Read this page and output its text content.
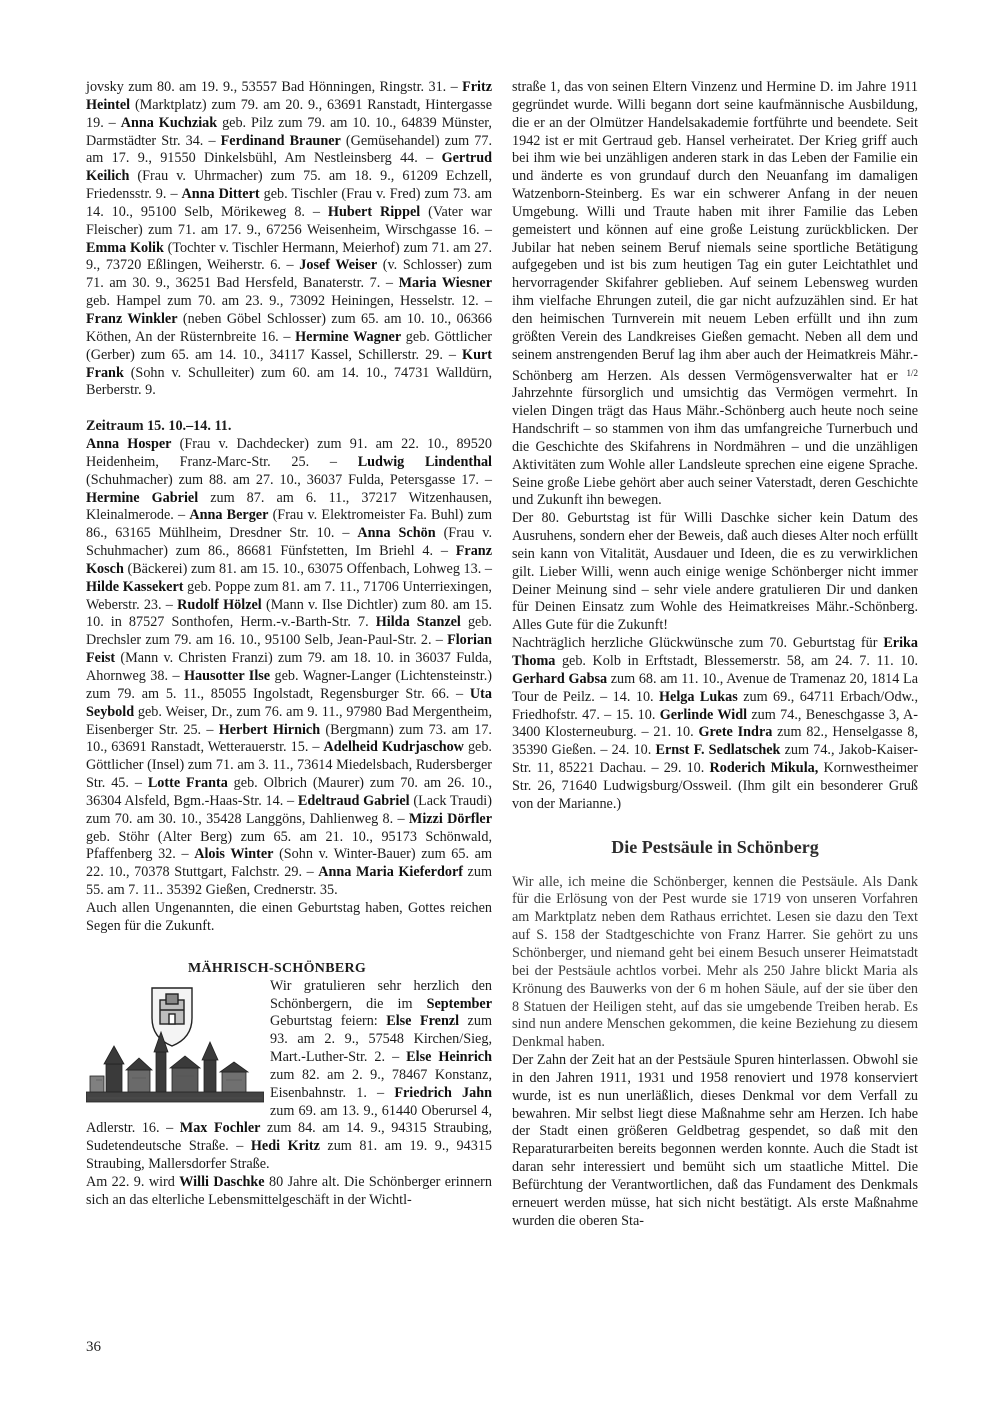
jovsky zum 80. am 19. 9., 53557 Bad Hönningen, Ringstr. 31. – Fritz Heintel (Marktplatz) zum 79. am 20. 9., 63691 Ranstadt, Hintergasse 19. – Anna Kuchziak geb. Pilz zum 79. am 10. 10., 64839 Münster, Darmstädter Str. 34. – Ferdinand Brauner (Gemüsehandel) zum 77. am 17. 9., 91550 Dinkelsbühl, Am Nestleinsberg 44. – Gertrud Keilich (Frau v. Uhrmacher) zum 75. am 18. 9., 61209 Echzell, Friedensstr. 9. – Anna Dittert geb. Tischler (Frau v. Fred) zum 73. am 14. 10., 95100 Selb, Mörikeweg 8. – Hubert Rippel (Vater war Fleischer) zum 71. am 17. 9., 67256 Weisenheim, Wirschgasse 16. – Emma Kolik (Tochter v. Tischler Hermann, Meierhof) zum 71. am 27. 9., 73720 Eßlingen, Weiherstr. 6. – Josef Weiser (v. Schlosser) zum 71. am 30. 9., 36251 Bad Hersfeld, Banaterstr. 7. – Maria Wiesner geb. Hampel zum 70. am 23. 9., 73092 Heiningen, Hesselstr. 12. – Franz Winkler (neben Göbel Schlosser) zum 65. am 10. 10., 06366 Köthen, An der Rüsternbreite 16. – Hermine Wagner geb. Göttlicher (Gerber) zum 65. am 14. 10., 34117 Kassel, Schillerstr. 29. – Kurt Frank (Sohn v. Schulleiter) zum 60. am 14. 10., 74731 Walldürn, Berberstr. 9.

Zeitraum 15. 10.–14. 11.

Anna Hosper (Frau v. Dachdecker) zum 91. am 22. 10., 89520 Heidenheim, Franz-Marc-Str. 25. – Ludwig Lindenthal (Schuhmacher) zum 88. am 27. 10., 36037 Fulda, Petersgasse 17. – Hermine Gabriel zum 87. am 6. 11., 37217 Witzenhausen, Kleinalmerode. – Anna Berger (Frau v. Elektromeister Fa. Buhl) zum 86., 63165 Mühlheim, Dresdner Str. 10. – Anna Schön (Frau v. Schuhmacher) zum 86., 86681 Fünfstetten, Im Briehl 4. – Franz Kosch (Bäckerei) zum 81. am 15. 10., 63075 Offenbach, Lohweg 13. – Hilde Kassekert geb. Poppe zum 81. am 7. 11., 71706 Unterriexingen, Weberstr. 23. – Rudolf Hölzel (Mann v. Ilse Dichtler) zum 80. am 15. 10. in 87527 Sonthofen, Herm.-v.-Barth-Str. 7. Hilda Stanzel geb. Drechsler zum 79. am 16. 10., 95100 Selb, Jean-Paul-Str. 2. – Florian Feist (Mann v. Christen Franzi) zum 79. am 18. 10. in 36037 Fulda, Ahornweg 38. – Hausotter Ilse geb. Wagner-Langer (Lichtensteinstr.) zum 79. am 5. 11., 85055 Ingolstadt, Regensburger Str. 66. – Uta Seybold geb. Weiser, Dr., zum 76. am 9. 11., 97980 Bad Mergentheim, Eisenberger Str. 25. – Herbert Hirnich (Bergmann) zum 73. am 17. 10., 63691 Ranstadt, Wetterauerstr. 15. – Adelheid Kudrjaschow geb. Göttlicher (Insel) zum 71. am 3. 11., 73614 Miedelsbach, Rudersberger Str. 45. – Lotte Franta geb. Olbrich (Maurer) zum 70. am 26. 10., 36304 Alsfeld, Bgm.-Haas-Str. 14. – Edeltraud Gabriel (Lack Traudi) zum 70. am 30. 10., 35428 Langgöns, Dahlienweg 8. – Mizzi Dörfler geb. Stöhr (Alter Berg) zum 65. am 21. 10., 95173 Schönwald, Pfaffenberg 32. – Alois Winter (Sohn v. Winter-Bauer) zum 65. am 22. 10., 70378 Stuttgart, Falchstr. 29. – Anna Maria Kieferdorf zum 55. am 7. 11.. 35392 Gießen, Crednerstr. 35.

Auch allen Ungenannten, die einen Geburtstag haben, Gottes reichen Segen für die Zukunft.

MÄHRISCH-SCHÖNBERG

Wir gratulieren sehr herzlich den Schönbergern, die im September Geburtstag feiern: Else Frenzl zum 93. am 2. 9., 57548 Kirchen/Sieg, Mart.-Luther-Str. 2. – Else Heinrich zum 82. am 2. 9., 78467 Konstanz, Eisenbahnstr. 1. – Friedrich Jahn zum 69. am 13. 9., 61440 Oberursel 4, Adlerstr. 16. – Max Fochler zum 84. am 14. 9., 94315 Straubing, Sudetendeutsche Straße. – Hedi Kritz zum 81. am 19. 9., 94315 Straubing, Mallersdorfer Straße.

Am 22. 9. wird Willi Daschke 80 Jahre alt. Die Schönberger erinnern sich an das elterliche Lebensmittelgeschäft in der Wichtl-

straße 1, das von seinen Eltern Vinzenz und Hermine D. im Jahre 1911 gegründet wurde. Willi begann dort seine kaufmännische Ausbildung, die er an der Olmützer Handelsakademie fortführte und beendete. Seit 1942 ist er mit Gertraud geb. Hansel verheiratet. Der Krieg griff auch bei ihm wie bei unzähligen anderen stark in das Leben der Familie ein und änderte es von grundauf durch den Neuanfang im damaligen Watzenborn-Steinberg. Es war ein schwerer Anfang in der neuen Umgebung. Willi und Traute haben mit ihrer Familie das Leben gemeistert und können auf eine große Leistung zurückblicken. Der Jubilar hat neben seinem Beruf niemals seine sportliche Betätigung aufgegeben und ist bis zum heutigen Tag ein guter Leichtathlet und hervorragender Skifahrer geblieben. Auf seinem Lebensweg wurden ihm vielfache Ehrungen zuteil, die gar nicht aufzuzählen sind. Er hat den heimischen Turnverein mit neuem Leben erfüllt und ihn zum größten Verein des Landkreises Gießen gemacht. Neben all dem und seinem anstrengenden Beruf lag ihm aber auch der Heimatkreis Mähr.-Schönberg am Herzen. Als dessen Vermögensverwalter hat er $^{1/2}$ Jahrzehnte fürsorglich und umsichtig das Vermögen vermehrt. In vielen Dingen trägt das Haus Mähr.-Schönberg auch heute noch seine Handschrift – so stammen von ihm das umfangreiche Turnerbuch und die Geschichte des Skifahrens in Nordmähren – und die unzähligen Aktivitäten zum Wohle aller Landsleute sprechen eine eigene Sprache. Seine große Liebe gehört aber auch seiner Vaterstadt, deren Geschichte und Zukunft ihn bewegen.

Der 80. Geburtstag ist für Willi Daschke sicher kein Datum des Ausruhens, sondern eher der Beweis, daß auch dieses Alter noch erfüllt sein kann von Vitalität, Ausdauer und Ideen, die es zu verwirklichen gilt. Lieber Willi, wenn auch einige wenige Schönberger nicht immer Deiner Meinung sind – sehr viele andere gratulieren Dir und danken für Deinen Einsatz zum Wohle des Heimatkreises Mähr.-Schönberg. Alles Gute für die Zukunft!

Nachträglich herzliche Glückwünsche zum 70. Geburtstag für Erika Thoma geb. Kolb in Erftstadt, Blessemerstr. 58, am 24. 7. 11. 10. Gerhard Gabsa zum 68. am 11. 10., Avenue de Tramenaz 20, 1814 La Tour de Peilz. – 14. 10. Helga Lukas zum 69., 64711 Erbach/Odw., Friedhofstr. 47. – 15. 10. Gerlinde Widl zum 74., Beneschgasse 3, A-3400 Klosterneuburg. – 21. 10. Grete Indra zum 82., Henselgasse 8, 35390 Gießen. – 24. 10. Ernst F. Sedlatschek zum 74., Jakob-Kaiser-Str. 11, 85221 Dachau. – 29. 10. Roderich Mikula, Kornwestheimer Str. 26, 71640 Ludwigsburg/Ossweil. (Ihm gilt ein besonderer Gruß von der Marianne.)

Die Pestsäule in Schönberg

Wir alle, ich meine die Schönberger, kennen die Pestsäule. Als Dank für die Erlösung von der Pest wurde sie 1719 von unseren Vorfahren am Marktplatz neben dem Rathaus errichtet. Lesen sie dazu den Text auf S. 158 der Stadtgeschichte von Franz Harrer. Sie gehört zu uns Schönberger, und niemand geht bei einem Besuch unserer Heimatstadt bei der Pestsäule achtlos vorbei. Mehr als 250 Jahre blickt Maria als Krönung des Bauwerks von der 6 m hohen Säule, auf der sie über den 8 Statuen der Heiligen steht, auf das sie umgebende Treiben herab. Es sind nun andere Menschen gekommen, die keine Beziehung zu diesem Denkmal haben.

Der Zahn der Zeit hat an der Pestsäule Spuren hinterlassen. Obwohl sie in den Jahren 1911, 1931 und 1958 renoviert und 1978 konserviert wurde, ist es nun unerläßlich, dieses Denkmal vor dem Verfall zu bewahren. Mir selbst liegt diese Maßnahme sehr am Herzen. Ich habe der Stadt einen größeren Geldbetrag gespendet, so daß mit den Reparaturarbeiten bereits begonnen werden konnte. Auch die Stadt ist daran sehr interessiert und bemüht sich um staatliche Mittel. Die Befürchtung der Verantwortlichen, daß das Fundament des Denkmals erneuert werden müsse, hat sich nicht bestätigt. Als erste Maßnahme wurden die oberen Sta-

36
